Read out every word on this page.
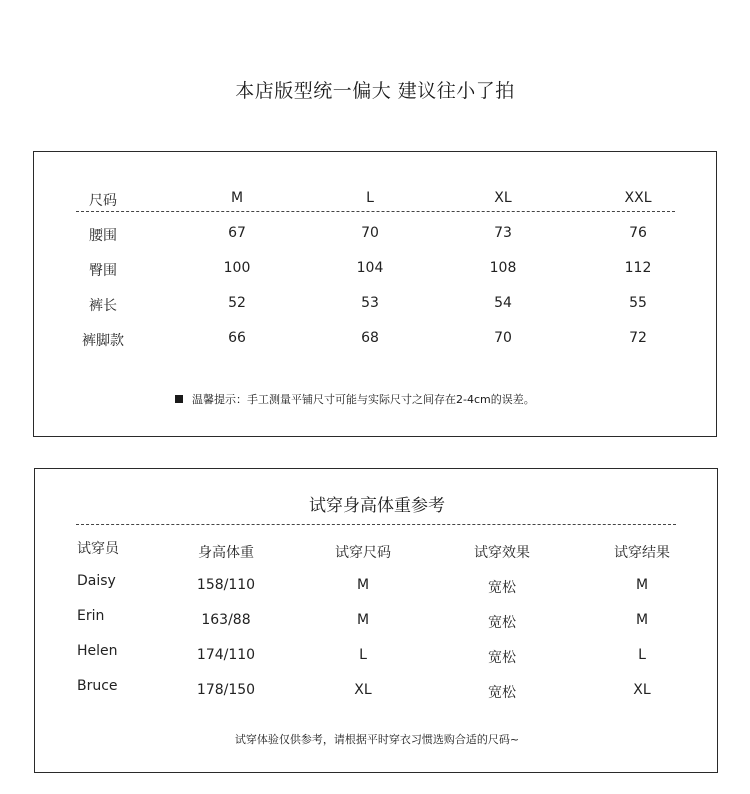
本店版型统一偏大 建议往小了拍
温馨提示：手工测量平铺尺寸可能与实际尺寸之间存在2-4cm的误差。
尺码	M	L	XL	XXL
腰围	67	70	73	76
臀围	100	104	108	112
裤长	52	53	54	55
裤脚款	66	68	70	72
试穿身高体重参考
试穿体验仅供参考，请根据平时穿衣习惯选购合适的尺码~
试穿员	身高体重	试穿尺码	试穿效果	试穿结果
Daisy	158/110	M	宽松	M
Erin	163/88	M	宽松	M
Helen	174/110	L	宽松	L
Bruce	178/150	XL	宽松	XL
